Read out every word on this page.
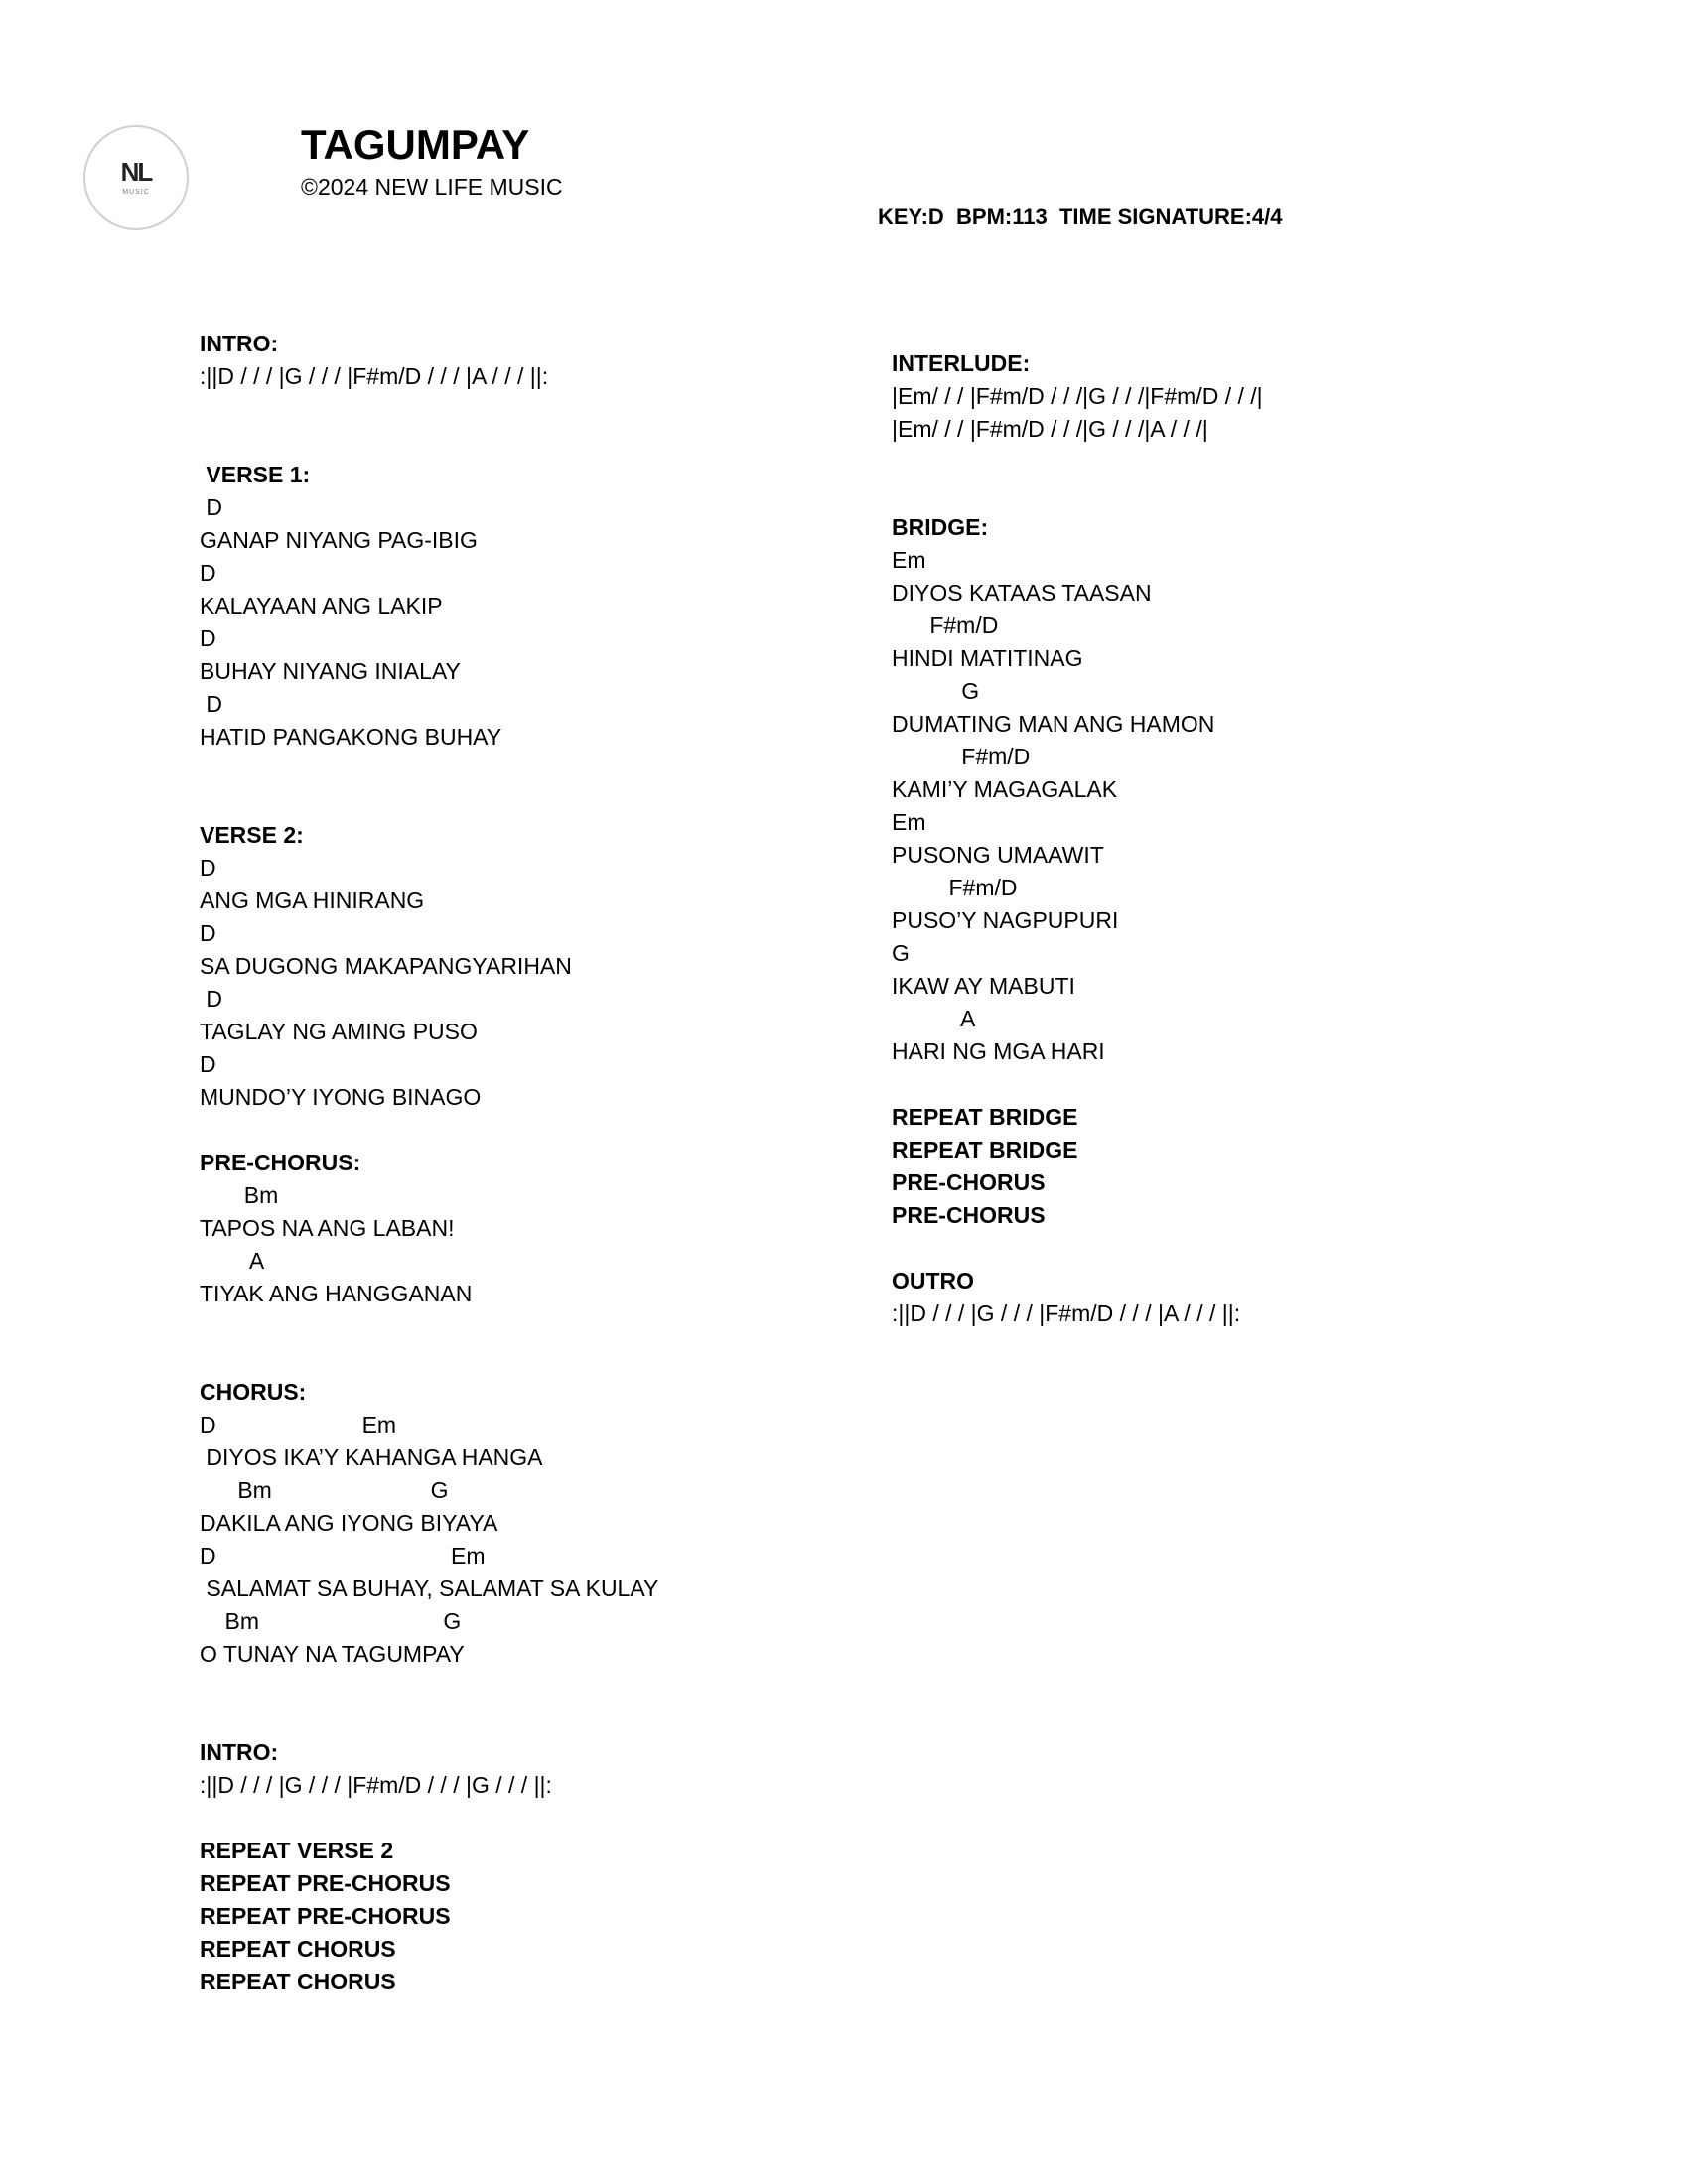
NL
MUSIC
TAGUMPAY
©2024 NEW LIFE MUSIC
KEY:D  BPM:113  TIME SIGNATURE:4/4
INTRO:
:||D / / / |G / / / |F#m/D / / / |A / / / ||:
VERSE 1:
D
GANAP NIYANG PAG-IBIG
D
KALAYAAN ANG LAKIP
D
BUHAY NIYANG INIALAY
D
HATID PANGAKONG BUHAY
VERSE 2:
D
ANG MGA HINIRANG
D
SA DUGONG MAKAPANGYARIHAN
D
TAGLAY NG AMING PUSO
D
MUNDO’Y IYONG BINAGO
PRE-CHORUS:
Bm
TAPOS NA ANG LABAN!
A
TIYAK ANG HANGGANAN
CHORUS:
D                       Em
DIYOS IKA’Y KAHANGA HANGA
Bm                         G
DAKILA ANG IYONG BIYAYA
D                                     Em
SALAMAT SA BUHAY, SALAMAT SA KULAY
Bm                             G
O TUNAY NA TAGUMPAY
INTRO:
:||D / / / |G / / / |F#m/D / / / |G / / / ||:
REPEAT VERSE 2
REPEAT PRE-CHORUS
REPEAT PRE-CHORUS
REPEAT CHORUS
REPEAT CHORUS
INTERLUDE:
|Em/ / / |F#m/D / / /|G / / /|F#m/D / / /|
|Em/ / / |F#m/D / / /|G / / /|A / / /|
BRIDGE:
Em
DIYOS KATAAS TAASAN
F#m/D
HINDI MATITINAG
G
DUMATING MAN ANG HAMON
F#m/D
KAMI’Y MAGAGALAK
Em
PUSONG UMAAWIT
F#m/D
PUSO’Y NAGPUPURI
G
IKAW AY MABUTI
A
HARI NG MGA HARI
REPEAT BRIDGE
REPEAT BRIDGE
PRE-CHORUS
PRE-CHORUS
OUTRO
:||D / / / |G / / / |F#m/D / / / |A / / / ||:
